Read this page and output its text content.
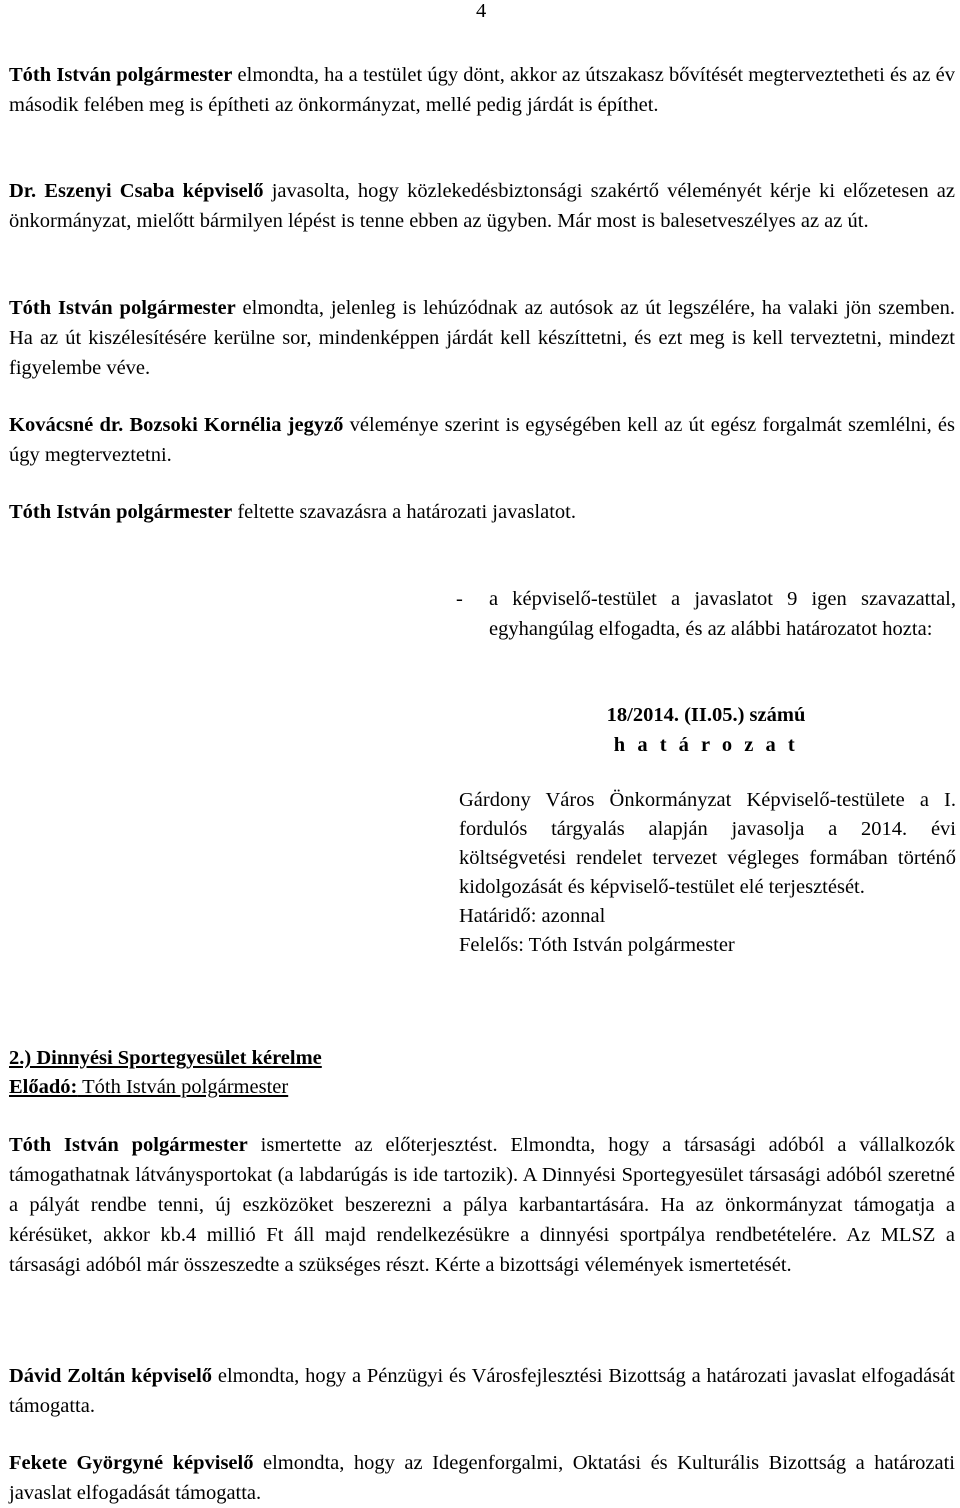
4

Tóth István polgármester elmondta, ha a testület úgy dönt, akkor az útszakasz bővítését megterveztetheti és az év második felében meg is építheti az önkormányzat, mellé pedig járdát is építhet.

Dr. Eszenyi Csaba képviselő javasolta, hogy közlekedésbiztonsági szakértő véleményét kérje ki előzetesen az önkormányzat, mielőtt bármilyen lépést is tenne ebben az ügyben. Már most is balesetveszélyes az az út.

Tóth István polgármester elmondta, jelenleg is lehúzódnak az autósok az út legszélére, ha valaki jön szemben. Ha az út kiszélesítésére kerülne sor, mindenképpen járdát kell készíttetni, és ezt meg is kell terveztetni, mindezt figyelembe véve.

Kovácsné dr. Bozsoki Kornélia jegyző véleménye szerint is egységében kell az út egész forgalmát szemlélni, és úgy megterveztetni.

Tóth István polgármester feltette szavazásra a határozati javaslatot.

-	a képviselő-testület a javaslatot 9 igen szavazattal, egyhangúlag elfogadta, és az alábbi határozatot hozta:

18/2014. (II.05.) számú

h a t á r o z a t

Gárdony Város Önkormányzat Képviselő-testülete a I. fordulós tárgyalás alapján javasolja a 2014. évi költségvetési rendelet tervezet végleges formában történő kidolgozását és képviselő-testület elé terjesztését.
Határidő: azonnal
Felelős: Tóth István polgármester

2.) Dinnyési Sportegyesület kérelme

Előadó: Tóth István polgármester

Tóth István polgármester ismertette az előterjesztést. Elmondta, hogy a társasági adóból a vállalkozók támogathatnak látványsportokat (a labdarúgás is ide tartozik). A Dinnyési Sportegyesület társasági adóból szeretné a pályát rendbe tenni, új eszközöket beszerezni a pálya karbantartására. Ha az önkormányzat támogatja a kérésüket, akkor kb.4 millió Ft áll majd rendelkezésükre a dinnyési sportpálya rendbetételére. Az MLSZ a társasági adóból már összeszedte a szükséges részt. Kérte a bizottsági vélemények ismertetését.

Dávid Zoltán képviselő elmondta, hogy a Pénzügyi és Városfejlesztési Bizottság a határozati javaslat elfogadását támogatta.

Fekete Györgyné képviselő elmondta, hogy az Idegenforgalmi, Oktatási és Kulturális Bizottság a határozati javaslat elfogadását támogatta.
